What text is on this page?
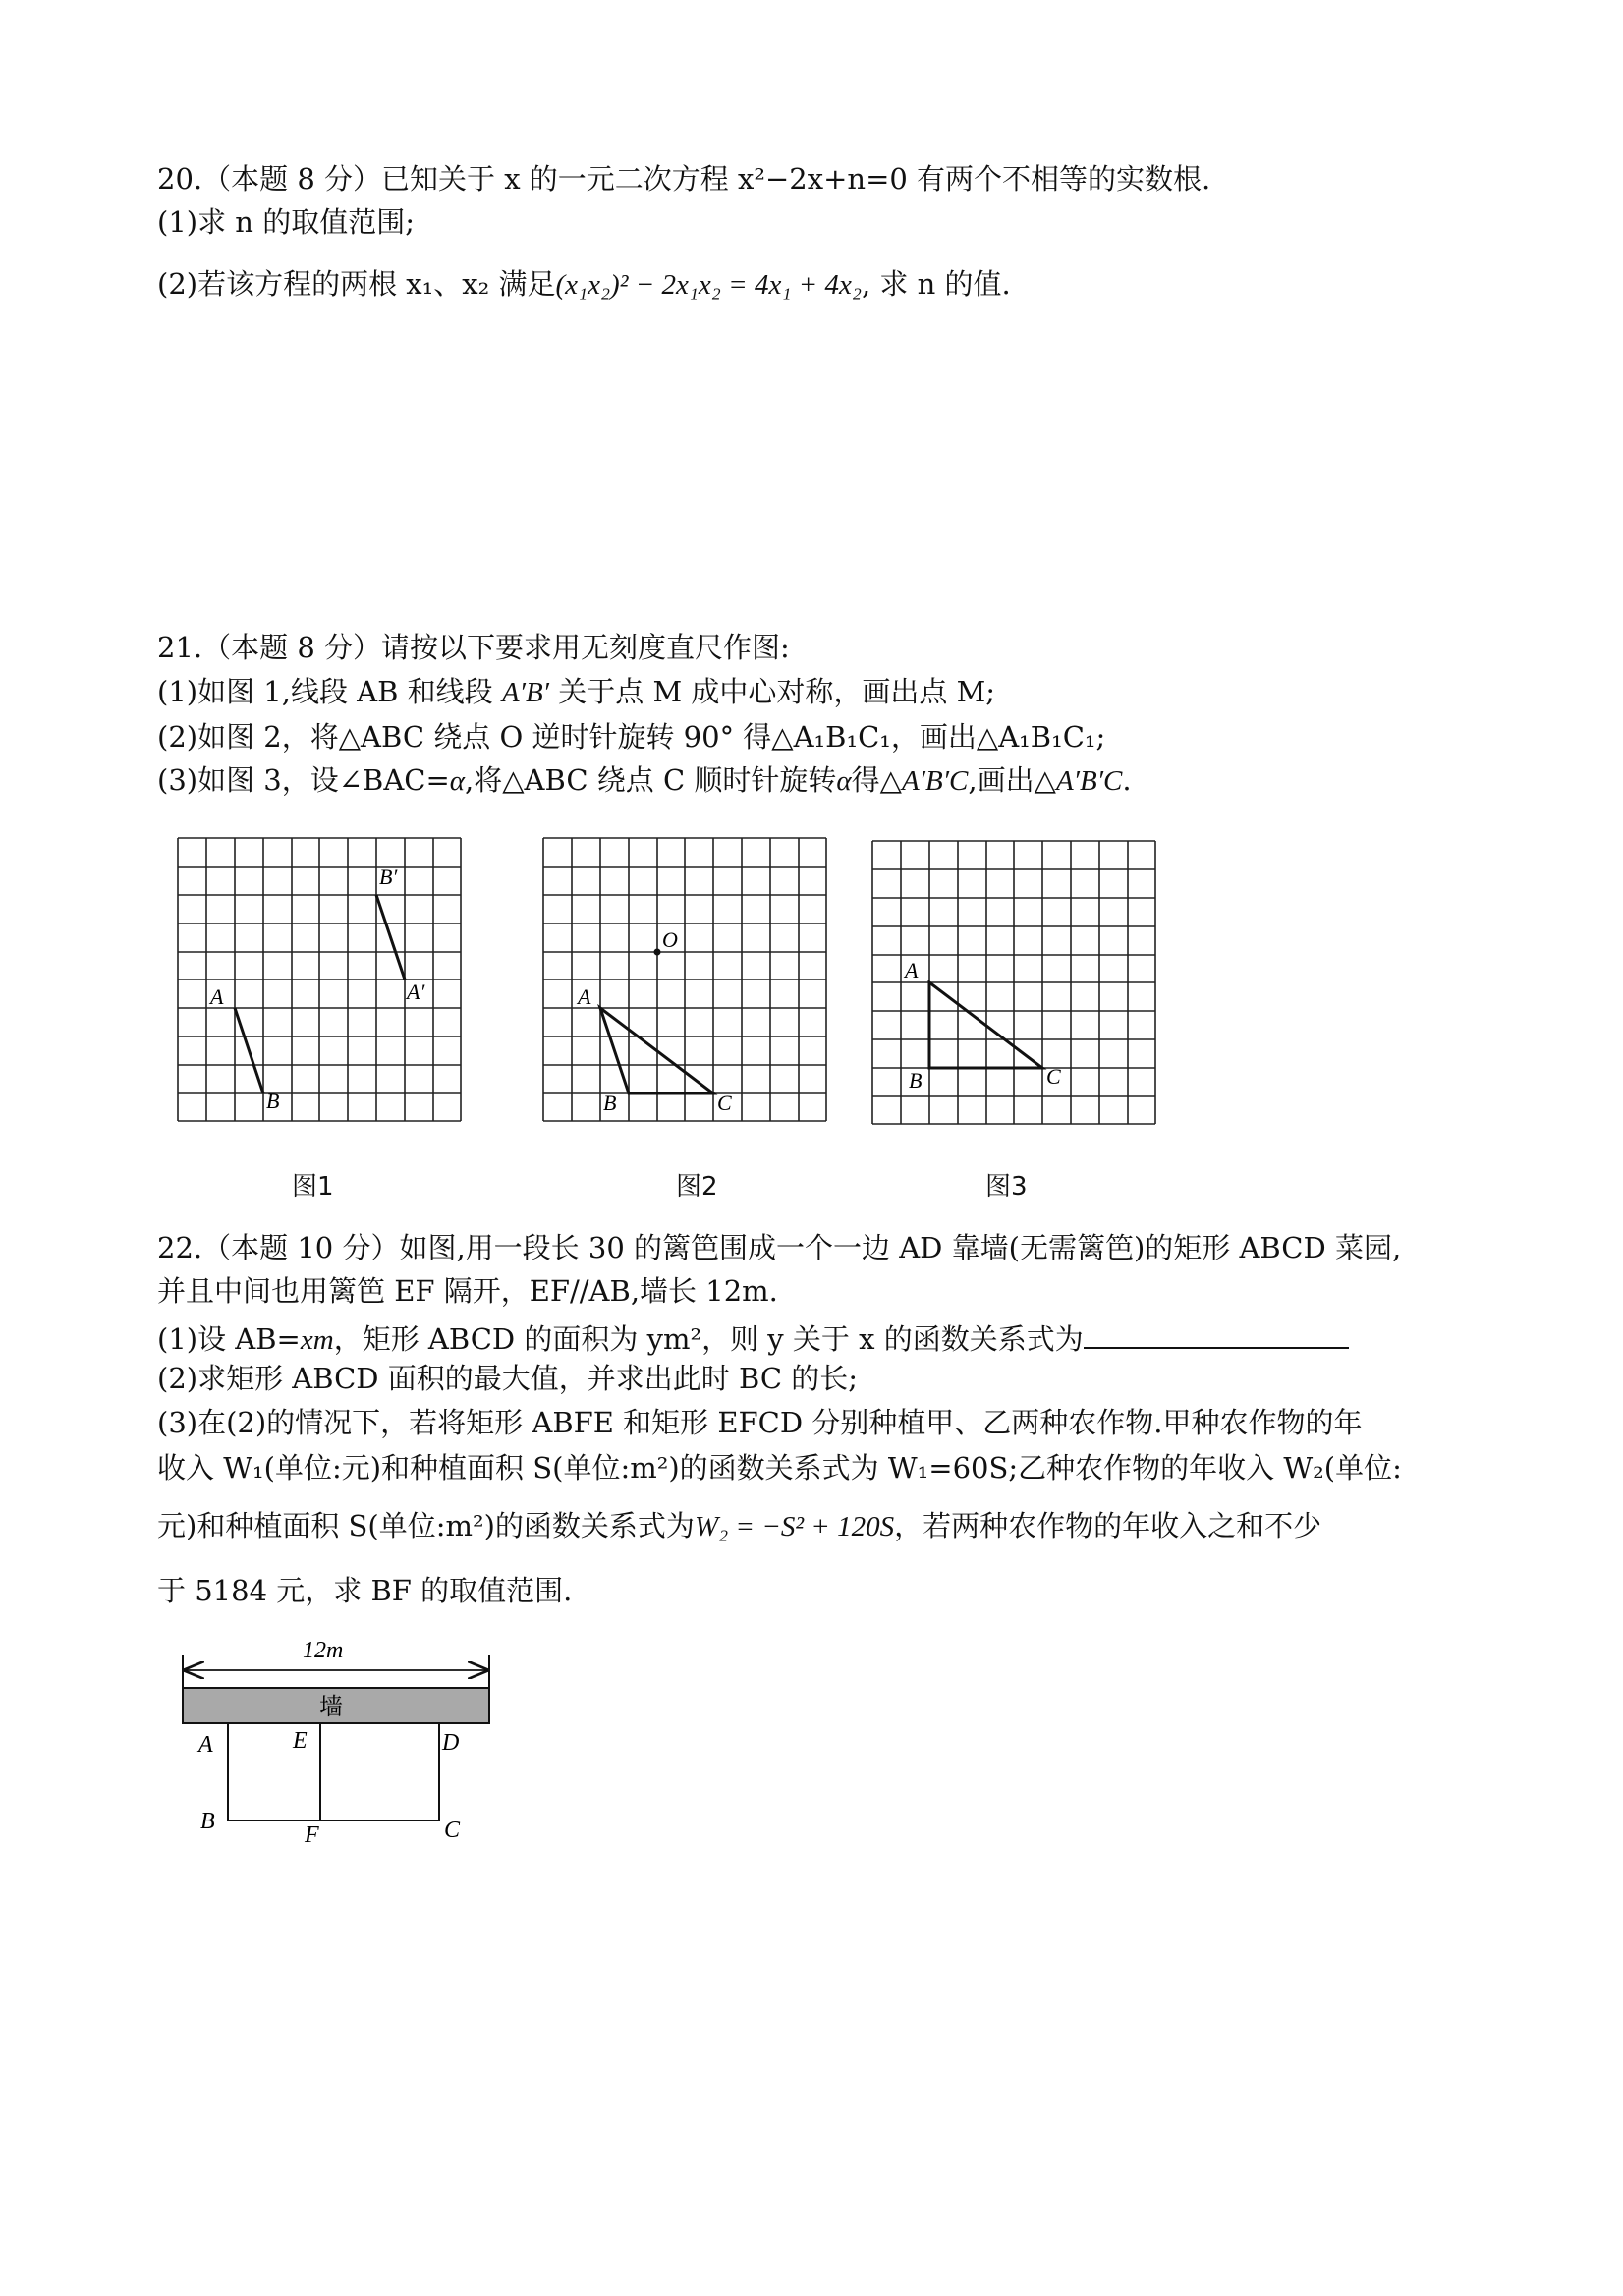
20.（本题 8 分）已知关于 x 的一元二次方程 x²−2x+n=0 有两个不相等的实数根.
(1)求 n 的取值范围;
(2)若该方程的两根 x₁、x₂ 满足(x₁x₂)² − 2x₁x₂ = 4x₁ + 4x₂, 求 n 的值.
21.（本题 8 分）请按以下要求用无刻度直尺作图:
(1)如图 1,线段 AB 和线段 A′B′ 关于点 M 成中心对称，画出点 M;
(2)如图 2，将△ABC 绕点 O 逆时针旋转 90° 得△A₁B₁C₁，画出△A₁B₁C₁;
(3)如图 3，设∠BAC=α,将△ABC 绕点 C 顺时针旋转α得△A′B′C,画出△A′B′C.
A
B
B′
A′
图1
O
A
B	C
图2
A
B	C
图3
22.（本题 10 分）如图,用一段长 30 的篱笆围成一个一边 AD 靠墙(无需篱笆)的矩形 ABCD 菜园,
并且中间也用篱笆 EF 隔开，EF//AB,墙长 12m.
(1)设 AB=xm，矩形 ABCD 的面积为 ym²，则 y 关于 x 的函数关系式为
(2)求矩形 ABCD 面积的最大值，并求出此时 BC 的长;
(3)在(2)的情况下，若将矩形 ABFE 和矩形 EFCD 分别种植甲、乙两种农作物.甲种农作物的年
收入 W₁(单位:元)和种植面积 S(单位:m²)的函数关系式为 W₁=60S;乙种农作物的年收入 W₂(单位:
元)和种植面积 S(单位:m²)的函数关系式为W₂ = −S² + 120S，若两种农作物的年收入之和不少
于 5184 元，求 BF 的取值范围.
12m
墙
A	E	D
B
F	C
